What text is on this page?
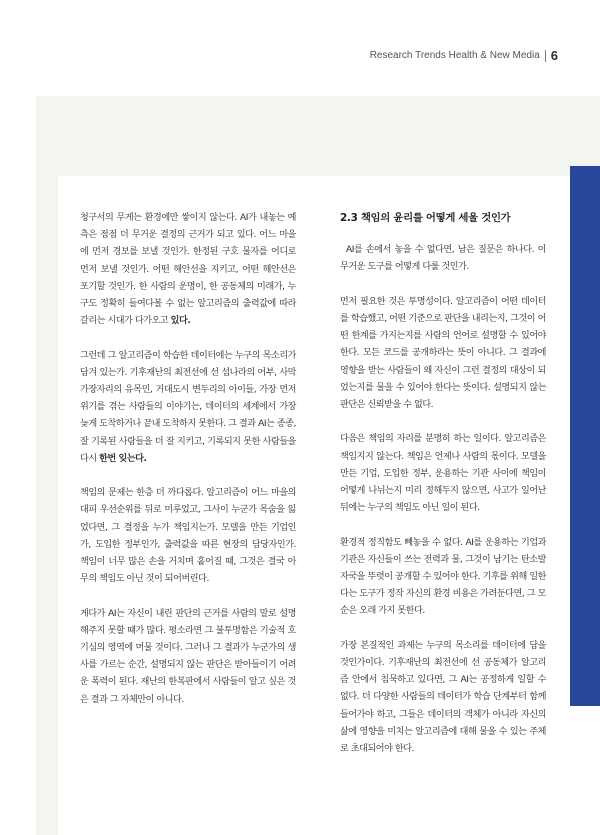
Research Trends Health & New Media 6

청구서의 무게는 환경에만 쌓이지 않는다. AI가 내놓는 예측은 점점 더 무거운 결정의 근거가 되고 있다. 어느 마을에 먼저 경보를 보낼 것인가. 한정된 구호 물자를 어디로 먼저 보낼 것인가. 어떤 해안선을 지키고, 어떤 해안선은 포기할 것인가. 한 사람의 운명이, 한 공동체의 미래가, 누구도 정확히 들여다볼 수 없는 알고리즘의 출력값에 따라 갈리는 시대가 다가오고 있다.

그런데 그 알고리즘이 학습한 데이터에는 누구의 목소리가 담겨 있는가. 기후재난의 최전선에 선 섬나라의 어부, 사막 가장자리의 유목민, 거대도시 변두리의 아이들, 가장 먼저 위기를 겪는 사람들의 이야기는, 데이터의 세계에서 가장 늦게 도착하거나 끝내 도착하지 못한다. 그 결과 AI는 종종, 잘 기록된 사람들을 더 잘 지키고, 기록되지 못한 사람들을 다시 한번 잊는다.

책임의 문제는 한층 더 까다롭다. 알고리즘이 어느 마을의 대피 우선순위를 뒤로 미루었고, 그사이 누군가 목숨을 잃었다면, 그 결정을 누가 책임지는가. 모델을 만든 기업인가, 도입한 정부인가, 출력값을 따른 현장의 담당자인가. 책임이 너무 많은 손을 거치며 흩어질 때, 그것은 결국 아무의 책임도 아닌 것이 되어버린다.

게다가 AI는 자신이 내린 판단의 근거를 사람의 말로 설명해주지 못할 때가 많다. 평소라면 그 불투명함은 기술적 호기심의 영역에 머물 것이다. 그러나 그 결과가 누군가의 생사를 가르는 순간, 설명되지 않는 판단은 받아들이기 어려운 폭력이 된다. 재난의 한복판에서 사람들이 알고 싶은 것은 결과 그 자체만이 아니다.

2.3 책임의 윤리를 어떻게 세울 것인가

AI를 손에서 놓을 수 없다면, 남은 질문은 하나다. 이 무거운 도구를 어떻게 다룰 것인가.

먼저 필요한 것은 투명성이다. 알고리즘이 어떤 데이터를 학습했고, 어떤 기준으로 판단을 내리는지, 그것이 어떤 한계를 가지는지를 사람의 언어로 설명할 수 있어야 한다. 모든 코드를 공개하라는 뜻이 아니다. 그 결과에 영향을 받는 사람들이 왜 자신이 그런 결정의 대상이 되었는지를 물을 수 있어야 한다는 뜻이다. 설명되지 않는 판단은 신뢰받을 수 없다.

다음은 책임의 자리를 분명히 하는 일이다. 알고리즘은 책임지지 않는다. 책임은 언제나 사람의 몫이다. 모델을 만든 기업, 도입한 정부, 운용하는 기관 사이에 책임이 어떻게 나뉘는지 미리 정해두지 않으면, 사고가 일어난 뒤에는 누구의 책임도 아닌 일이 된다.

환경적 정직함도 빼놓을 수 없다. AI를 운용하는 기업과 기관은 자신들이 쓰는 전력과 물, 그것이 남기는 탄소발자국을 뚜렷이 공개할 수 있어야 한다. 기후를 위해 일한다는 도구가 정작 자신의 환경 비용은 가려둔다면, 그 모순은 오래 가지 못한다.

가장 본질적인 과제는 누구의 목소리를 데이터에 담을 것인가이다. 기후재난의 최전선에 선 공동체가 알고리즘 안에서 침묵하고 있다면, 그 AI는 공정하게 일할 수 없다. 더 다양한 사람들의 데이터가 학습 단계부터 함께 들어가야 하고, 그들은 데이터의 객체가 아니라 자신의 삶에 영향을 미치는 알고리즘에 대해 물을 수 있는 주체로 초대되어야 한다.
